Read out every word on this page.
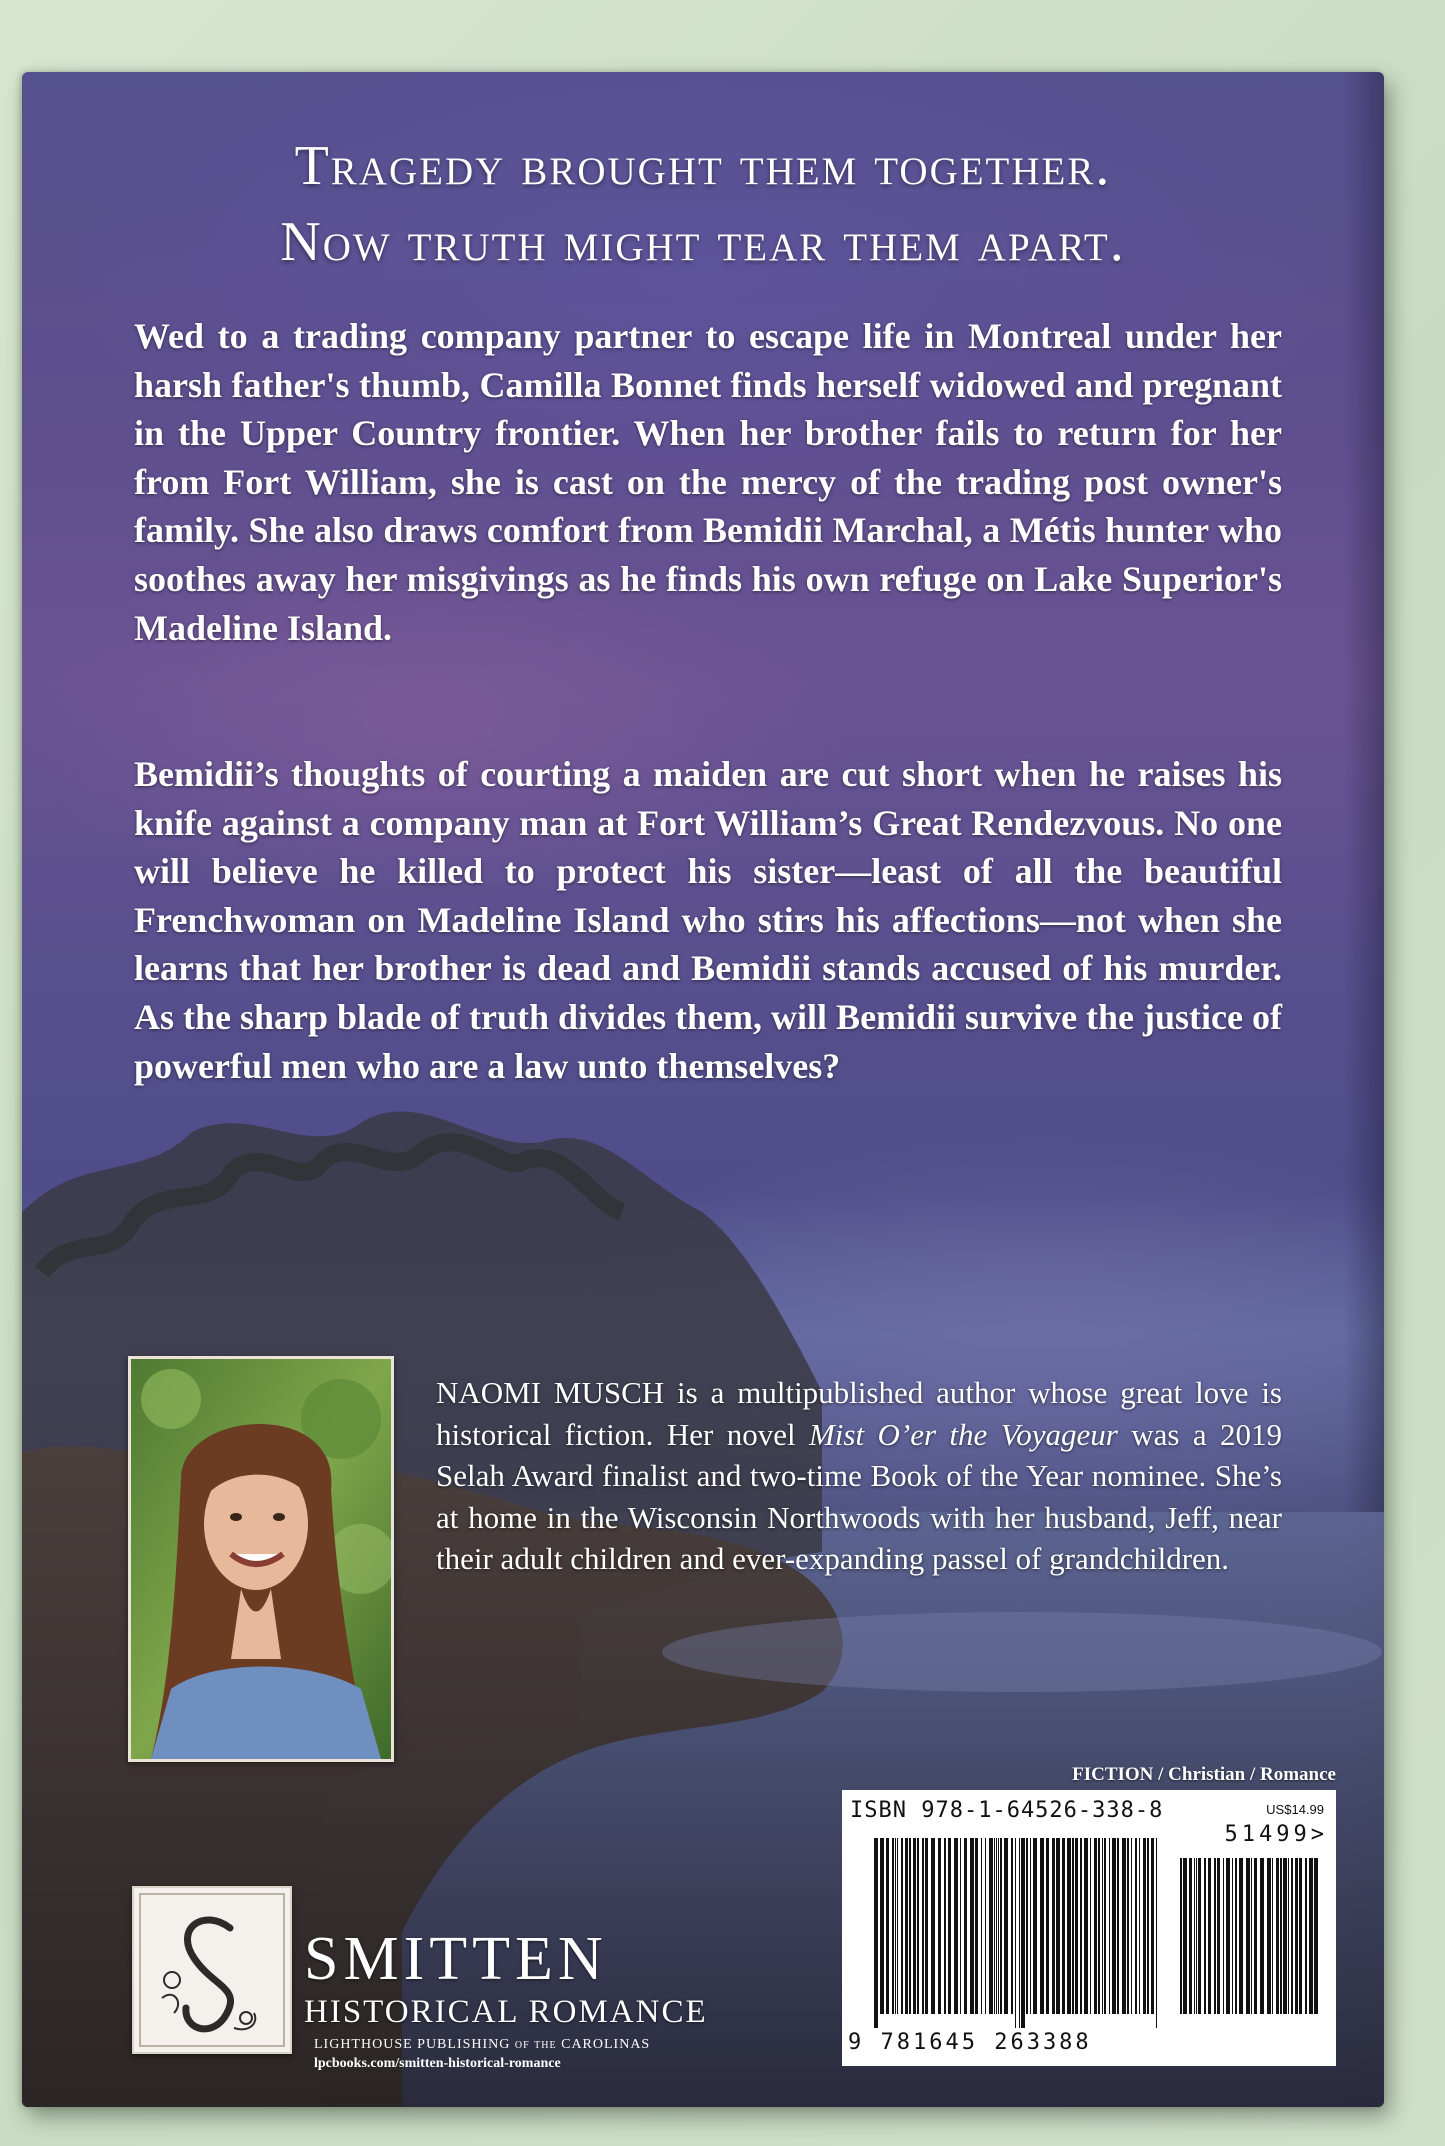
Tragedy brought them together.
Now truth might tear them apart.

Wed to a trading company partner to escape life in Montreal under her harsh father's thumb, Camilla Bonnet finds herself widowed and pregnant in the Upper Country frontier. When her brother fails to return for her from Fort William, she is cast on the mercy of the trading post owner's family. She also draws comfort from Bemidii Marchal, a Métis hunter who soothes away her misgivings as he finds his own refuge on Lake Superior's Madeline Island.

Bemidii’s thoughts of courting a maiden are cut short when he raises his knife against a company man at Fort William’s Great Rendezvous. No one will believe he killed to protect his sister—least of all the beautiful Frenchwoman on Madeline Island who stirs his affections—not when she learns that her brother is dead and Bemidii stands accused of his murder. As the sharp blade of truth divides them, will Bemidii survive the justice of powerful men who are a law unto themselves?

NAOMI MUSCH is a multipublished author whose great love is historical fiction. Her novel Mist O’er the Voyageur was a 2019 Selah Award finalist and two-time Book of the Year nominee. She’s at home in the Wisconsin Northwoods with her husband, Jeff, near their adult children and ever-expanding passel of grandchildren.

FICTION / Christian / Romance
ISBN 978-1-64526-338-8	US$14.99
51499>
9 781645 263388
SMITTEN
HISTORICAL ROMANCE
LIGHTHOUSE PUBLISHING of the CAROLINAS
lpcbooks.com/smitten-historical-romance
